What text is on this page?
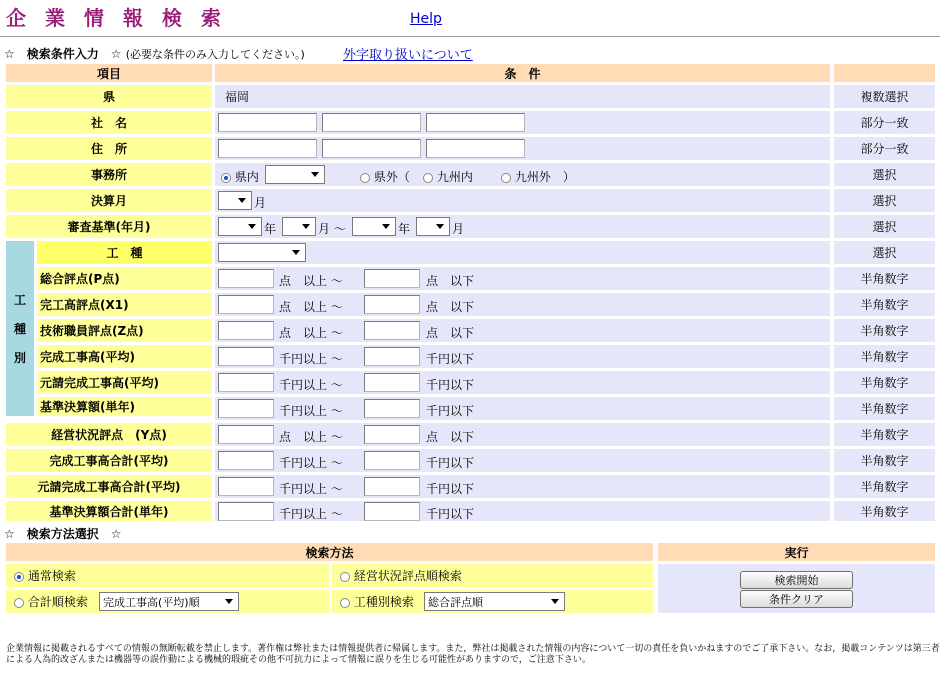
企 業 情 報 検 索	Help
☆　検索条件入力　☆ (必要な条件のみ入力してください。)	外字取り扱いについて
項目	条　件
県	福岡	複数選択
社　名	部分一致
住　所	部分一致
事務所	県内	県外（	九州内	九州外　）	選択
決算月	月	選択
審査基準(年月)	年	月 ～	年	月	選択
工
種
別
工　種	選択
総合評点(P点)	点　以上 ～	点　以下	半角数字
完工高評点(X1)	点　以上 ～	点　以下	半角数字
技術職員評点(Z点)	点　以上 ～	点　以下	半角数字
完成工事高(平均)	千円以上 ～	千円以下	半角数字
元請完成工事高(平均)	千円以上 ～	千円以下	半角数字
基準決算額(単年)	千円以上 ～	千円以下	半角数字
経営状況評点　(Y点)	点　以上 ～	点　以下	半角数字
完成工事高合計(平均)	千円以上 ～	千円以下	半角数字
元請完成工事高合計(平均)	千円以上 ～	千円以下	半角数字
基準決算額合計(単年)	千円以上 ～	千円以下	半角数字
☆　検索方法選択　☆
検索方法	実行
通常検索	経営状況評点順検索
合計順検索 完成工事高(平均)順	工種別検索 総合評点順
検索開始
条件クリア
企業情報に掲載されるすべての情報の無断転載を禁止します。著作権は弊社または情報提供者に帰属します。また，弊社は掲載された情報の内容について一切の責任を負いかねますのでご了承下さい。なお，掲載コンテンツは第三者による人為的改ざんまたは機器等の誤作動による機械的瑕疵その他不可抗力によって情報に誤りを生じる可能性がありますので，ご注意下さい。
